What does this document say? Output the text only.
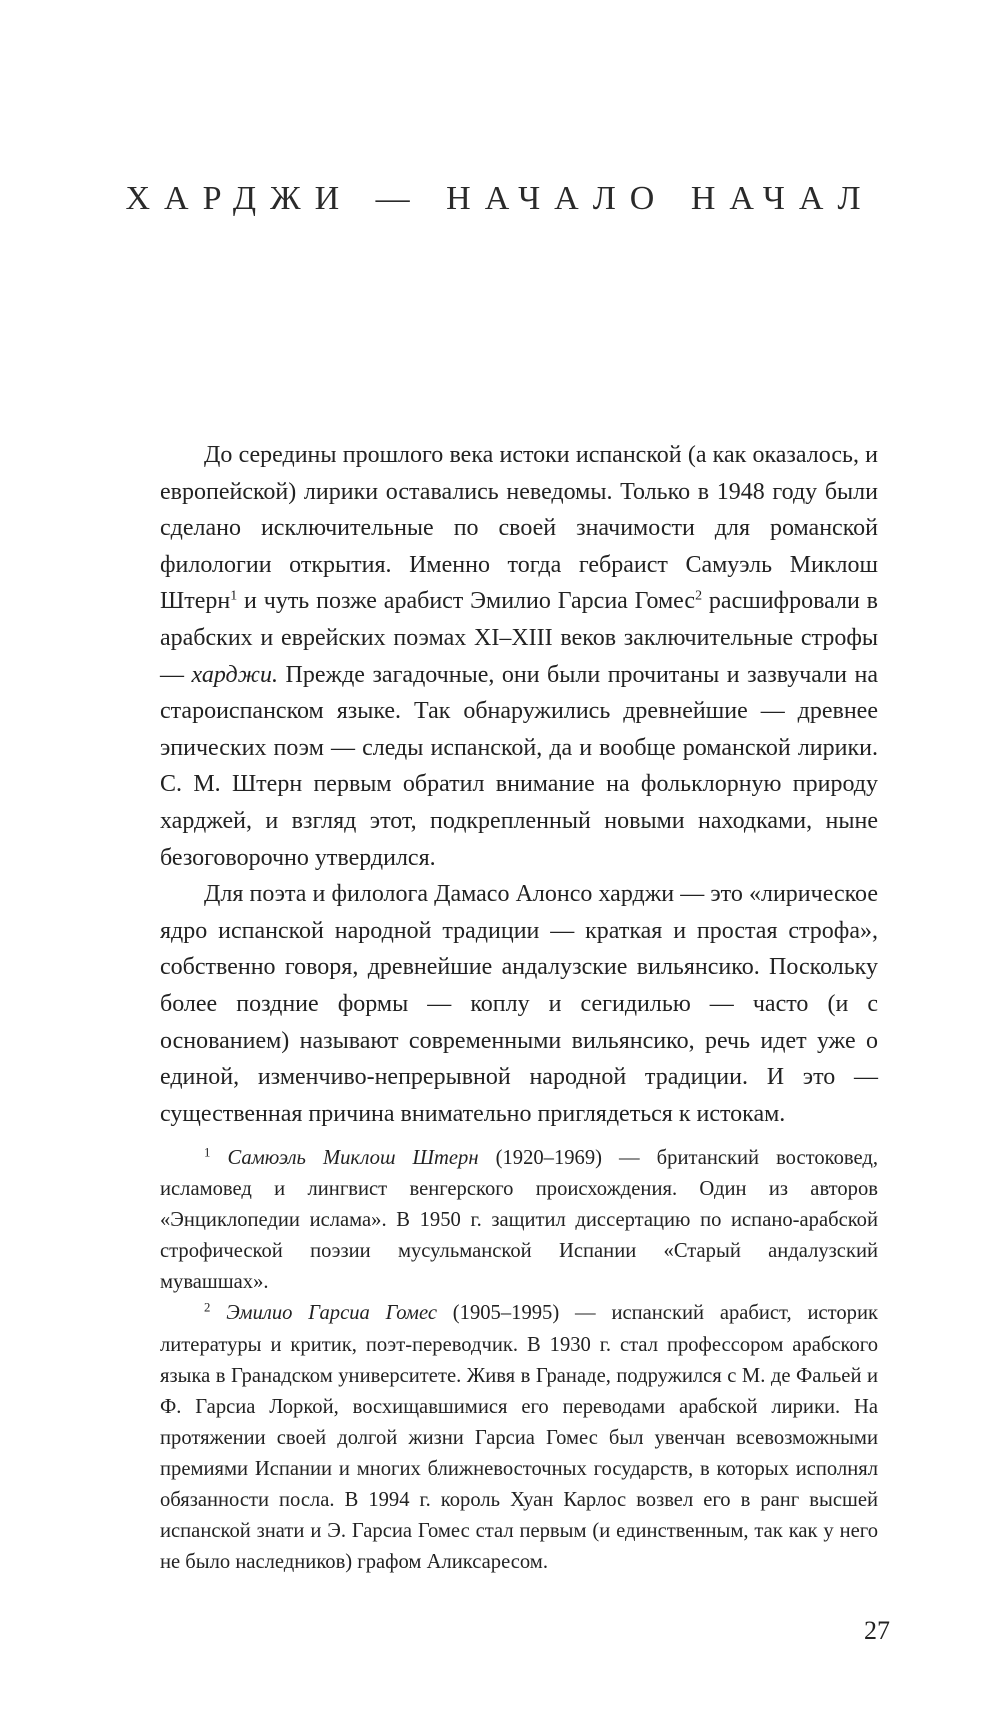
ХАРДЖИ — НАЧАЛО НАЧАЛ

До середины прошлого века истоки испанской (а как оказалось, и европейской) лирики оставались неведомы. Только в 1948 году были сделано исключительные по своей значимости для романской филологии открытия. Именно тогда гебраист Самуэль Миклош Штерн$^1$ и чуть позже арабист Эмилио Гарсиа Гомес$^2$ расшифровали в арабских и еврейских поэмах XI–XIII веков заключительные строфы — харджи. Прежде загадочные, они были прочитаны и зазвучали на староиспанском языке. Так обнаружились древнейшие — древнее эпических поэм — следы испанской, да и вообще романской лирики. С. М. Штерн первым обратил внимание на фольклорную природу харджей, и взгляд этот, подкрепленный новыми находками, ныне безоговорочно утвердился.

Для поэта и филолога Дамасо Алонсо харджи — это «лирическое ядро испанской народной традиции — краткая и простая строфа», собственно говоря, древнейшие андалузские вильянсико. Поскольку более поздние формы — коплу и сегидилью — часто (и с основанием) называют современными вильянсико, речь идет уже о единой, изменчиво-непрерывной народной традиции. И это — существенная причина внимательно приглядеться к истокам.

$^1$ Самюэль Миклош Штерн (1920–1969) — британский востоковед, исламовед и лингвист венгерского происхождения. Один из авторов «Энциклопедии ислама». В 1950 г. защитил диссертацию по испано-арабской строфической поэзии мусульманской Испании «Старый андалузский мувашшах».

$^2$ Эмилио Гарсиа Гомес (1905–1995) — испанский арабист, историк литературы и критик, поэт-переводчик. В 1930 г. стал профессором арабского языка в Гранадском университете. Живя в Гранаде, подружился с М. де Фальей и Ф. Гарсиа Лоркой, восхищавшимися его переводами арабской лирики. На протяжении своей долгой жизни Гарсиа Гомес был увенчан всевозможными премиями Испании и многих ближневосточных государств, в которых исполнял обязанности посла. В 1994 г. король Хуан Карлос возвел его в ранг высшей испанской знати и Э. Гарсиа Гомес стал первым (и единственным, так как у него не было наследников) графом Аликсаресом.

27
